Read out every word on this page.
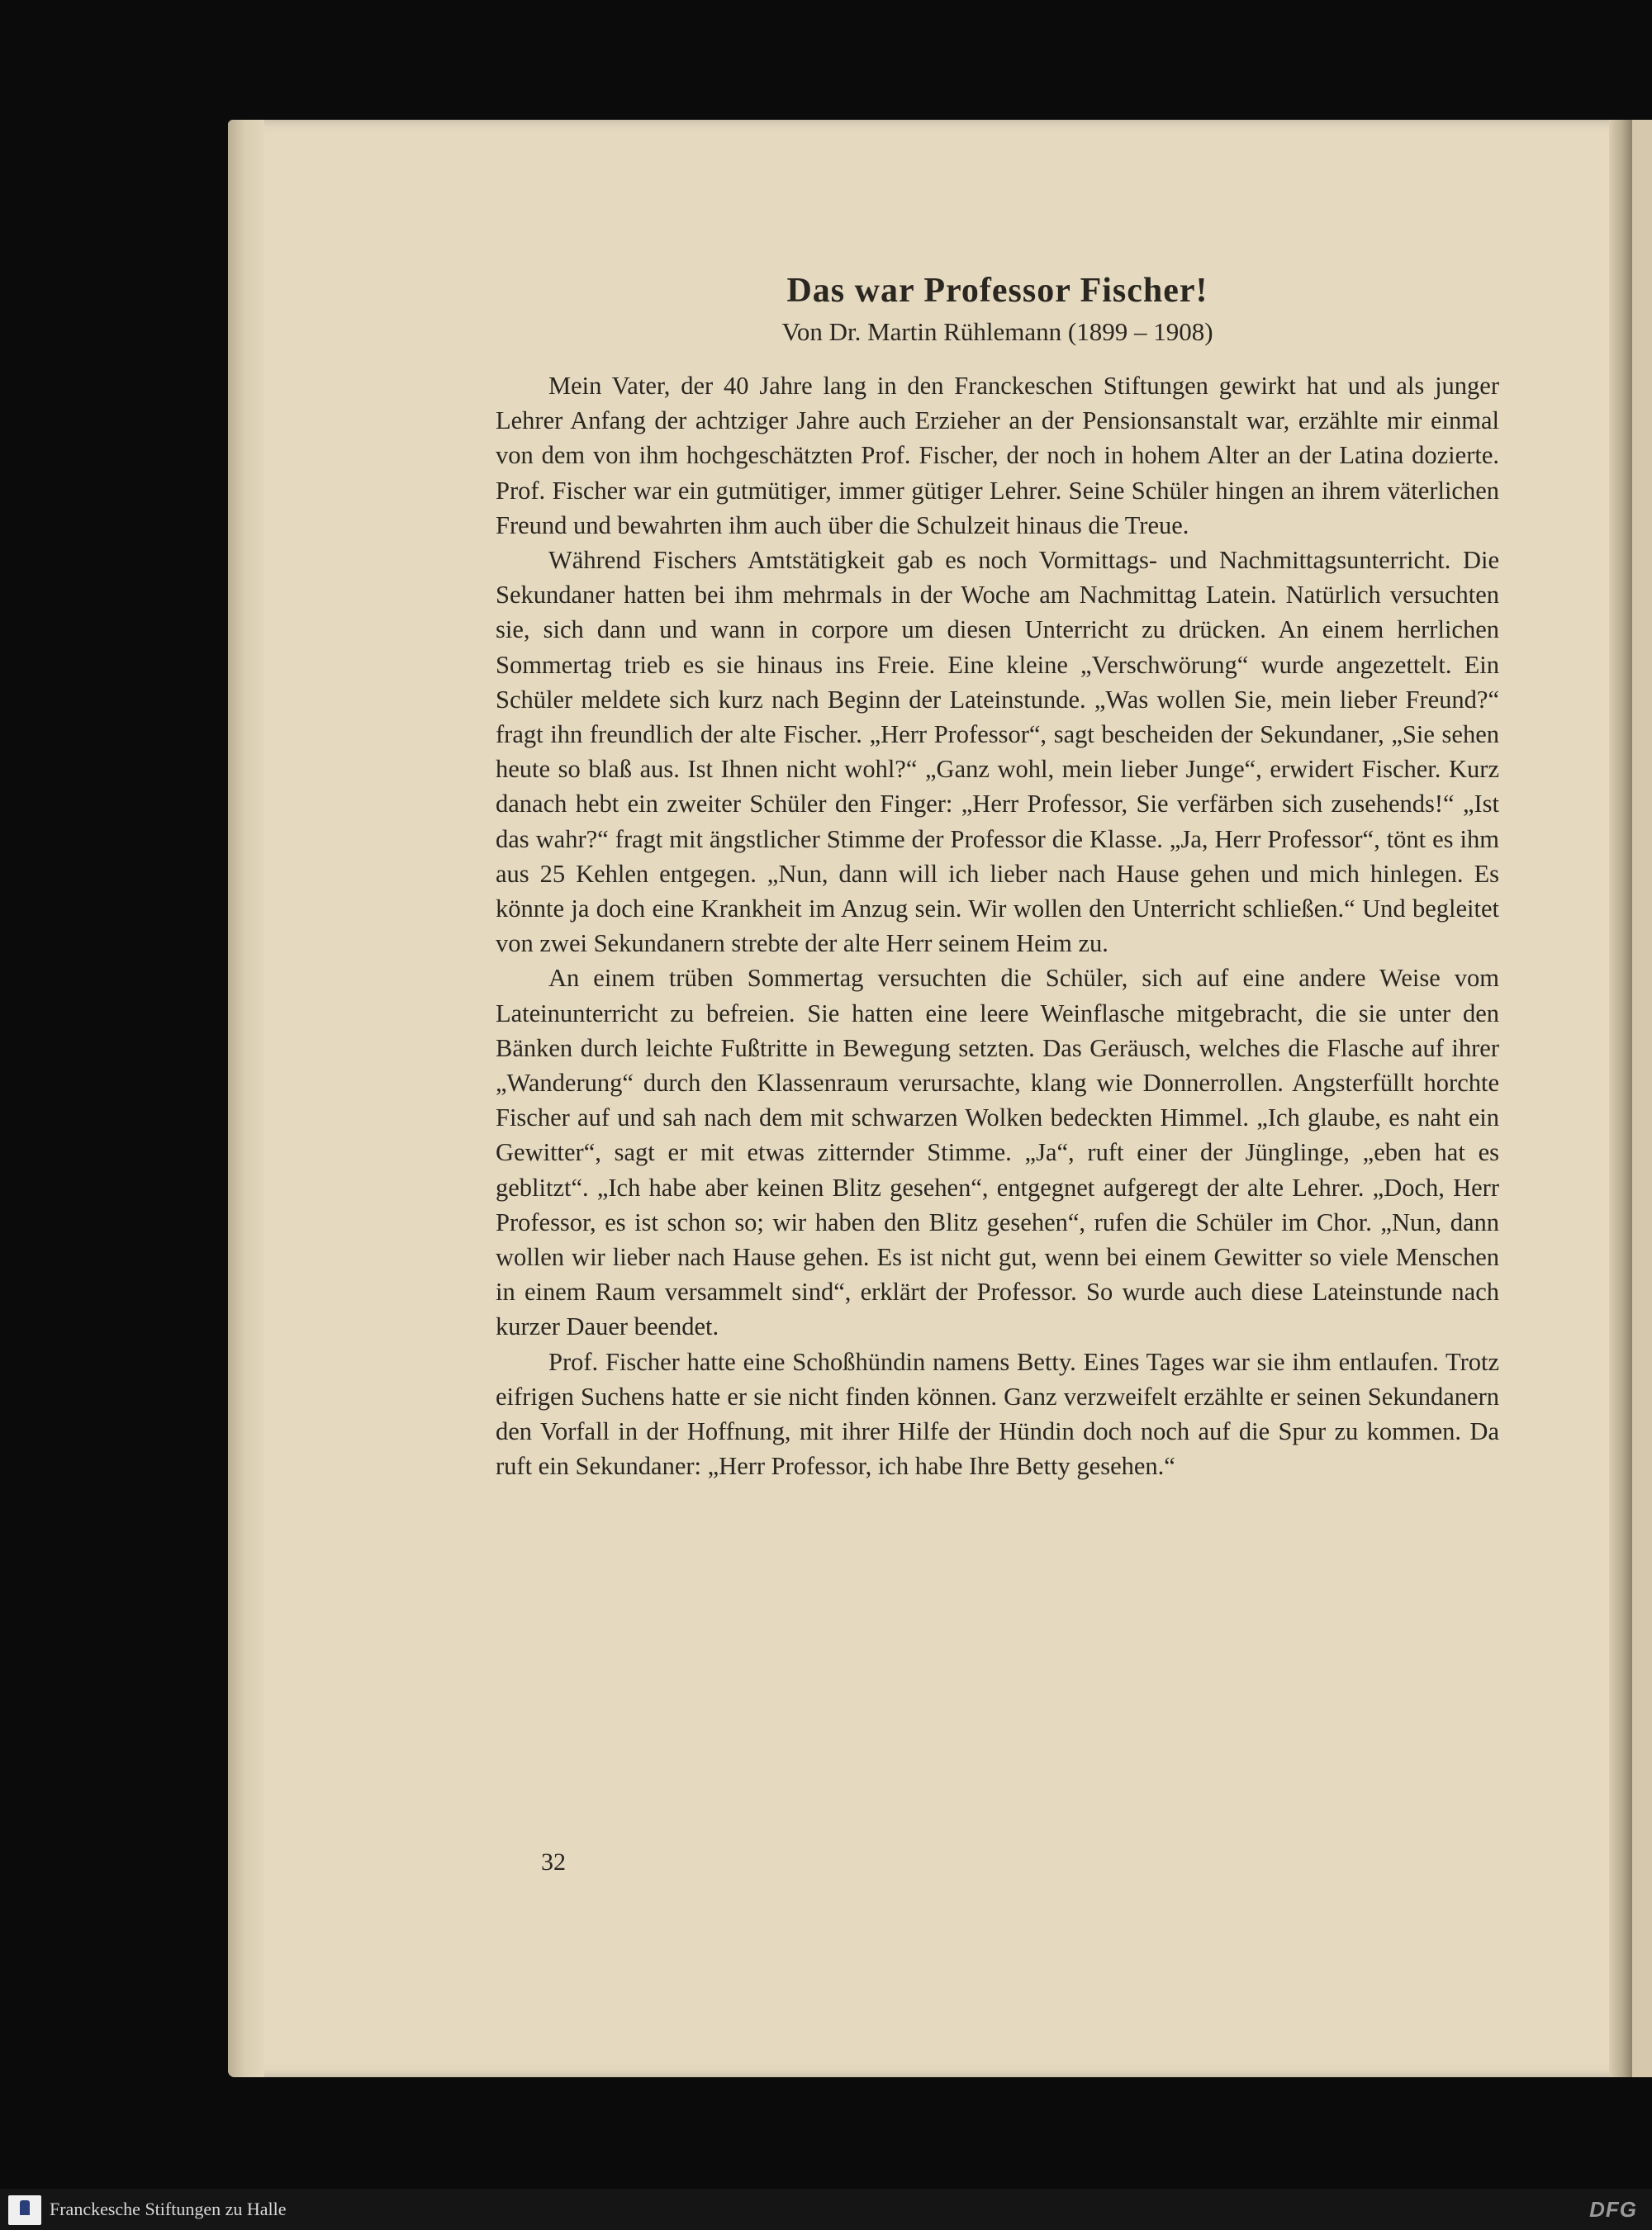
Das war Professor Fischer!

Von Dr. Martin Rühlemann (1899 – 1908)

Mein Vater, der 40 Jahre lang in den Franckeschen Stiftungen gewirkt hat und als junger Lehrer Anfang der achtziger Jahre auch Erzieher an der Pensionsanstalt war, erzählte mir einmal von dem von ihm hochgeschätzten Prof. Fischer, der noch in hohem Alter an der Latina dozierte. Prof. Fischer war ein gutmütiger, immer gütiger Lehrer. Seine Schüler hingen an ihrem väterlichen Freund und bewahrten ihm auch über die Schulzeit hinaus die Treue.

Während Fischers Amtstätigkeit gab es noch Vormittags- und Nachmittagsunterricht. Die Sekundaner hatten bei ihm mehrmals in der Woche am Nachmittag Latein. Natürlich versuchten sie, sich dann und wann in corpore um diesen Unterricht zu drücken. An einem herrlichen Sommertag trieb es sie hinaus ins Freie. Eine kleine „Verschwörung“ wurde angezettelt. Ein Schüler meldete sich kurz nach Beginn der Lateinstunde. „Was wollen Sie, mein lieber Freund?“ fragt ihn freundlich der alte Fischer. „Herr Professor“, sagt bescheiden der Sekundaner, „Sie sehen heute so blaß aus. Ist Ihnen nicht wohl?“ „Ganz wohl, mein lieber Junge“, erwidert Fischer. Kurz danach hebt ein zweiter Schüler den Finger: „Herr Professor, Sie verfärben sich zusehends!“ „Ist das wahr?“ fragt mit ängstlicher Stimme der Professor die Klasse. „Ja, Herr Professor“, tönt es ihm aus 25 Kehlen entgegen. „Nun, dann will ich lieber nach Hause gehen und mich hinlegen. Es könnte ja doch eine Krankheit im Anzug sein. Wir wollen den Unterricht schließen.“ Und begleitet von zwei Sekundanern strebte der alte Herr seinem Heim zu.

An einem trüben Sommertag versuchten die Schüler, sich auf eine andere Weise vom Lateinunterricht zu befreien. Sie hatten eine leere Weinflasche mitgebracht, die sie unter den Bänken durch leichte Fußtritte in Bewegung setzten. Das Geräusch, welches die Flasche auf ihrer „Wanderung“ durch den Klassenraum verursachte, klang wie Donnerrollen. Angsterfüllt horchte Fischer auf und sah nach dem mit schwarzen Wolken bedeckten Himmel. „Ich glaube, es naht ein Gewitter“, sagt er mit etwas zitternder Stimme. „Ja“, ruft einer der Jünglinge, „eben hat es geblitzt“. „Ich habe aber keinen Blitz gesehen“, entgegnet aufgeregt der alte Lehrer. „Doch, Herr Professor, es ist schon so; wir haben den Blitz gesehen“, rufen die Schüler im Chor. „Nun, dann wollen wir lieber nach Hause gehen. Es ist nicht gut, wenn bei einem Gewitter so viele Menschen in einem Raum versammelt sind“, erklärt der Professor. So wurde auch diese Lateinstunde nach kurzer Dauer beendet.

Prof. Fischer hatte eine Schoßhündin namens Betty. Eines Tages war sie ihm entlaufen. Trotz eifrigen Suchens hatte er sie nicht finden können. Ganz verzweifelt erzählte er seinen Sekundanern den Vorfall in der Hoffnung, mit ihrer Hilfe der Hündin doch noch auf die Spur zu kommen. Da ruft ein Sekundaner: „Herr Professor, ich habe Ihre Betty gesehen.“

32
Franckesche Stiftungen zu Halle	DFG
